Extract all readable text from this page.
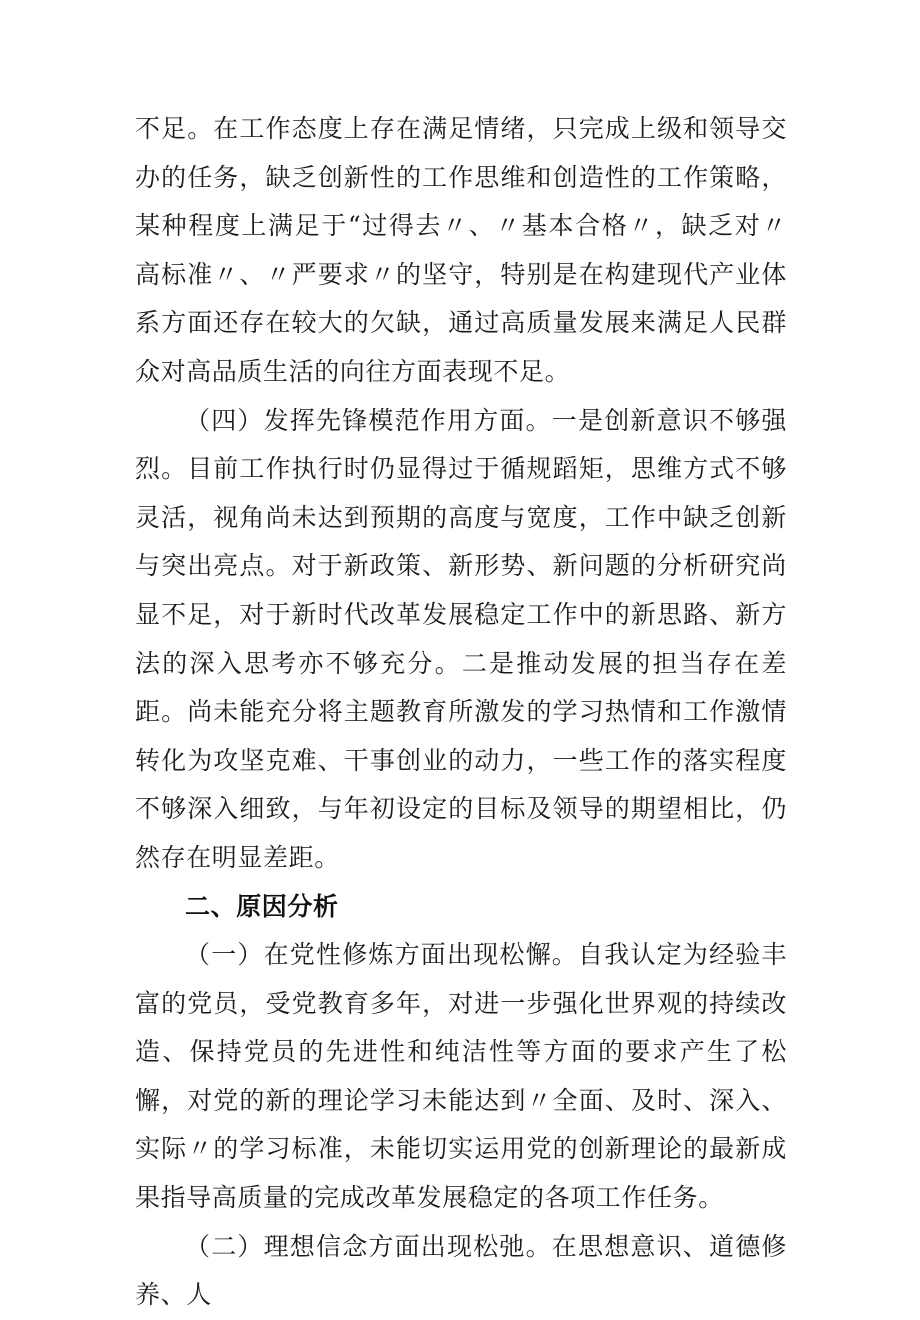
不足。在工作态度上存在满足情绪，只完成上级和领导交办的任务，缺乏创新性的工作思维和创造性的工作策略，某种程度上满足于“过得去〃、〃基本合格〃，缺乏对〃高标准〃、〃严要求〃的坚守，特别是在构建现代产业体系方面还存在较大的欠缺，通过高质量发展来满足人民群众对高品质生活的向往方面表现不足。

（四）发挥先锋模范作用方面。一是创新意识不够强烈。目前工作执行时仍显得过于循规蹈矩，思维方式不够灵活，视角尚未达到预期的高度与宽度，工作中缺乏创新与突出亮点。对于新政策、新形势、新问题的分析研究尚显不足，对于新时代改革发展稳定工作中的新思路、新方法的深入思考亦不够充分。二是推动发展的担当存在差距。尚未能充分将主题教育所激发的学习热情和工作激情转化为攻坚克难、干事创业的动力，一些工作的落实程度不够深入细致，与年初设定的目标及领导的期望相比，仍然存在明显差距。

二、原因分析

（一）在党性修炼方面出现松懈。自我认定为经验丰富的党员，受党教育多年，对进一步强化世界观的持续改造、保持党员的先进性和纯洁性等方面的要求产生了松懈，对党的新的理论学习未能达到〃全面、及时、深入、实际〃的学习标准，未能切实运用党的创新理论的最新成果指导高质量的完成改革发展稳定的各项工作任务。

（二）理想信念方面出现松弛。在思想意识、道德修养、人
